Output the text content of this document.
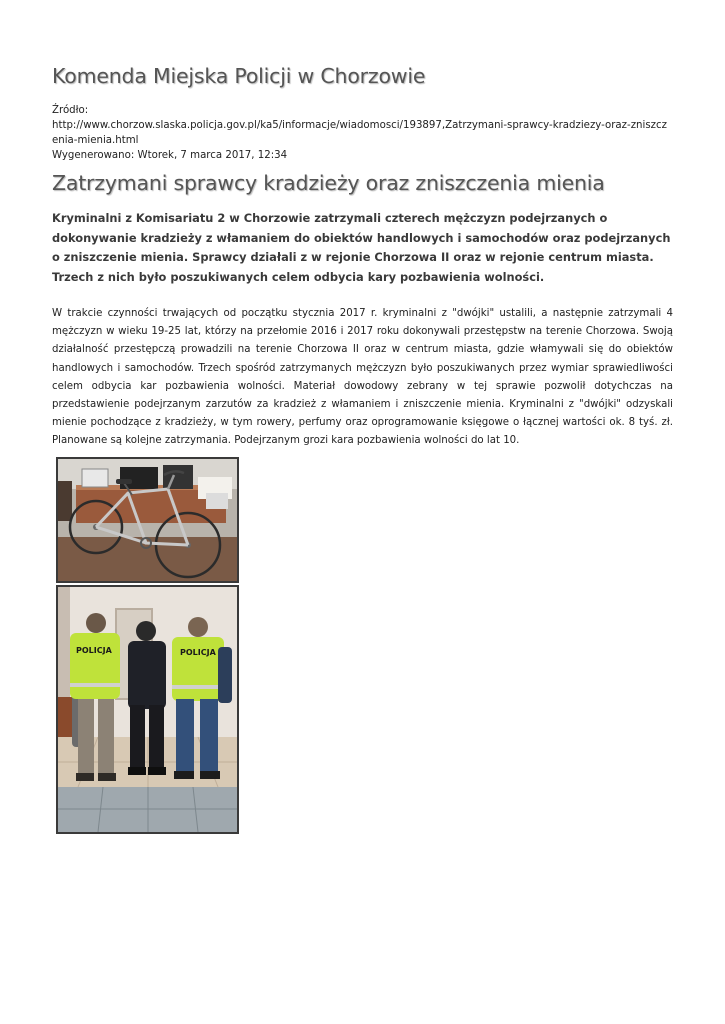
Komenda Miejska Policji w Chorzowie
Źródło:
http://www.chorzow.slaska.policja.gov.pl/ka5/informacje/wiadomosci/193897,Zatrzymani-sprawcy-kradziezy-oraz-zniszczenia-mienia.html
Wygenerowano: Wtorek, 7 marca 2017, 12:34
Zatrzymani sprawcy kradzieży oraz zniszczenia mienia

Kryminalni z Komisariatu 2 w Chorzowie zatrzymali czterech mężczyzn podejrzanych o dokonywanie kradzieży z włamaniem do obiektów handlowych i samochodów oraz podejrzanych o zniszczenie mienia. Sprawcy działali z w rejonie Chorzowa II oraz w rejonie centrum miasta. Trzech z nich było poszukiwanych celem odbycia kary pozbawienia wolności.

W trakcie czynności trwających od początku stycznia 2017 r. kryminalni z "dwójki" ustalili, a następnie zatrzymali 4 mężczyzn w wieku 19-25 lat, którzy na przełomie 2016 i 2017 roku dokonywali przestępstw na terenie Chorzowa. Swoją działalność przestępczą prowadzili na terenie Chorzowa II oraz w centrum miasta, gdzie włamywali się do obiektów handlowych i samochodów. Trzech spośród zatrzymanych mężczyzn było poszukiwanych przez wymiar sprawiedliwości celem odbycia kar pozbawienia wolności. Materiał dowodowy zebrany w tej sprawie pozwolił dotychczas na przedstawienie podejrzanym zarzutów za kradzież z włamaniem i zniszczenie mienia. Kryminalni z "dwójki" odzyskali mienie pochodzące z kradzieży, w tym rowery, perfumy oraz oprogramowanie księgowe o łącznej wartości ok. 8 tyś. zł. Planowane są kolejne zatrzymania. Podejrzanym grozi kara pozbawienia wolności do lat 10.

POLICJA	POLICJA
